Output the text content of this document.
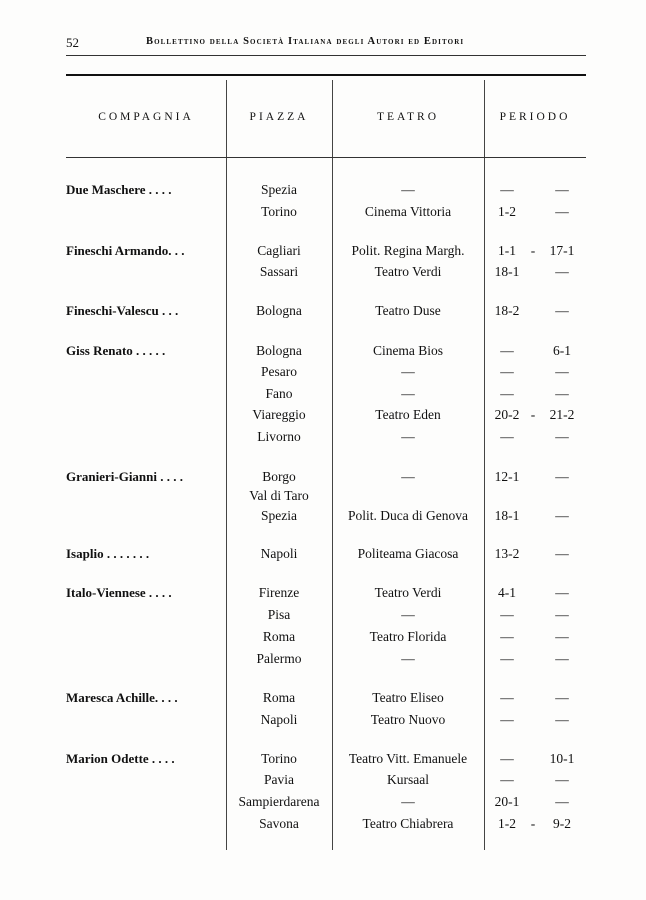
52	Bollettino della Società Italiana degli Autori ed Editori
COMPAGNIA	PIAZZA	TEATRO	PERIODO
Due Maschere . . . .	Spezia	—	—	—
Torino	Cinema Vittoria	1-2	—
Fineschi Armando. . .	Cagliari	Polit. Regina Margh.	1-1	-	17-1
Sassari	Teatro Verdi	18-1	—
Fineschi-Valescu . . .	Bologna	Teatro Duse	18-2	—
Giss Renato . . . . .	Bologna	Cinema Bios	—	6-1
Pesaro	—	—	—
Fano	—	—	—
Viareggio	Teatro Eden	20-2 -	21-2
Livorno	—	—	—
Granieri-Gianni . . . .	Borgo	—	12-1	—
Val di Taro
Spezia	Polit. Duca di Genova	18-1	—
Isaplio . . . . . . .	Napoli	Politeama Giacosa	13-2	—
Italo-Viennese . . . .	Firenze	Teatro Verdi	4-1	—
Pisa	—	—	—
Roma	Teatro Florida	—	—
Palermo	—	—	—
Maresca Achille. . . .	Roma	Teatro Eliseo	—	—
Napoli	Teatro Nuovo	—	—
Marion Odette . . . .	Torino	Teatro Vitt. Emanuele	—	10-1
Pavia	Kursaal	—	—
Sampierdarena	—	20-1	—
Savona	Teatro Chiabrera	1-2	-	9-2
